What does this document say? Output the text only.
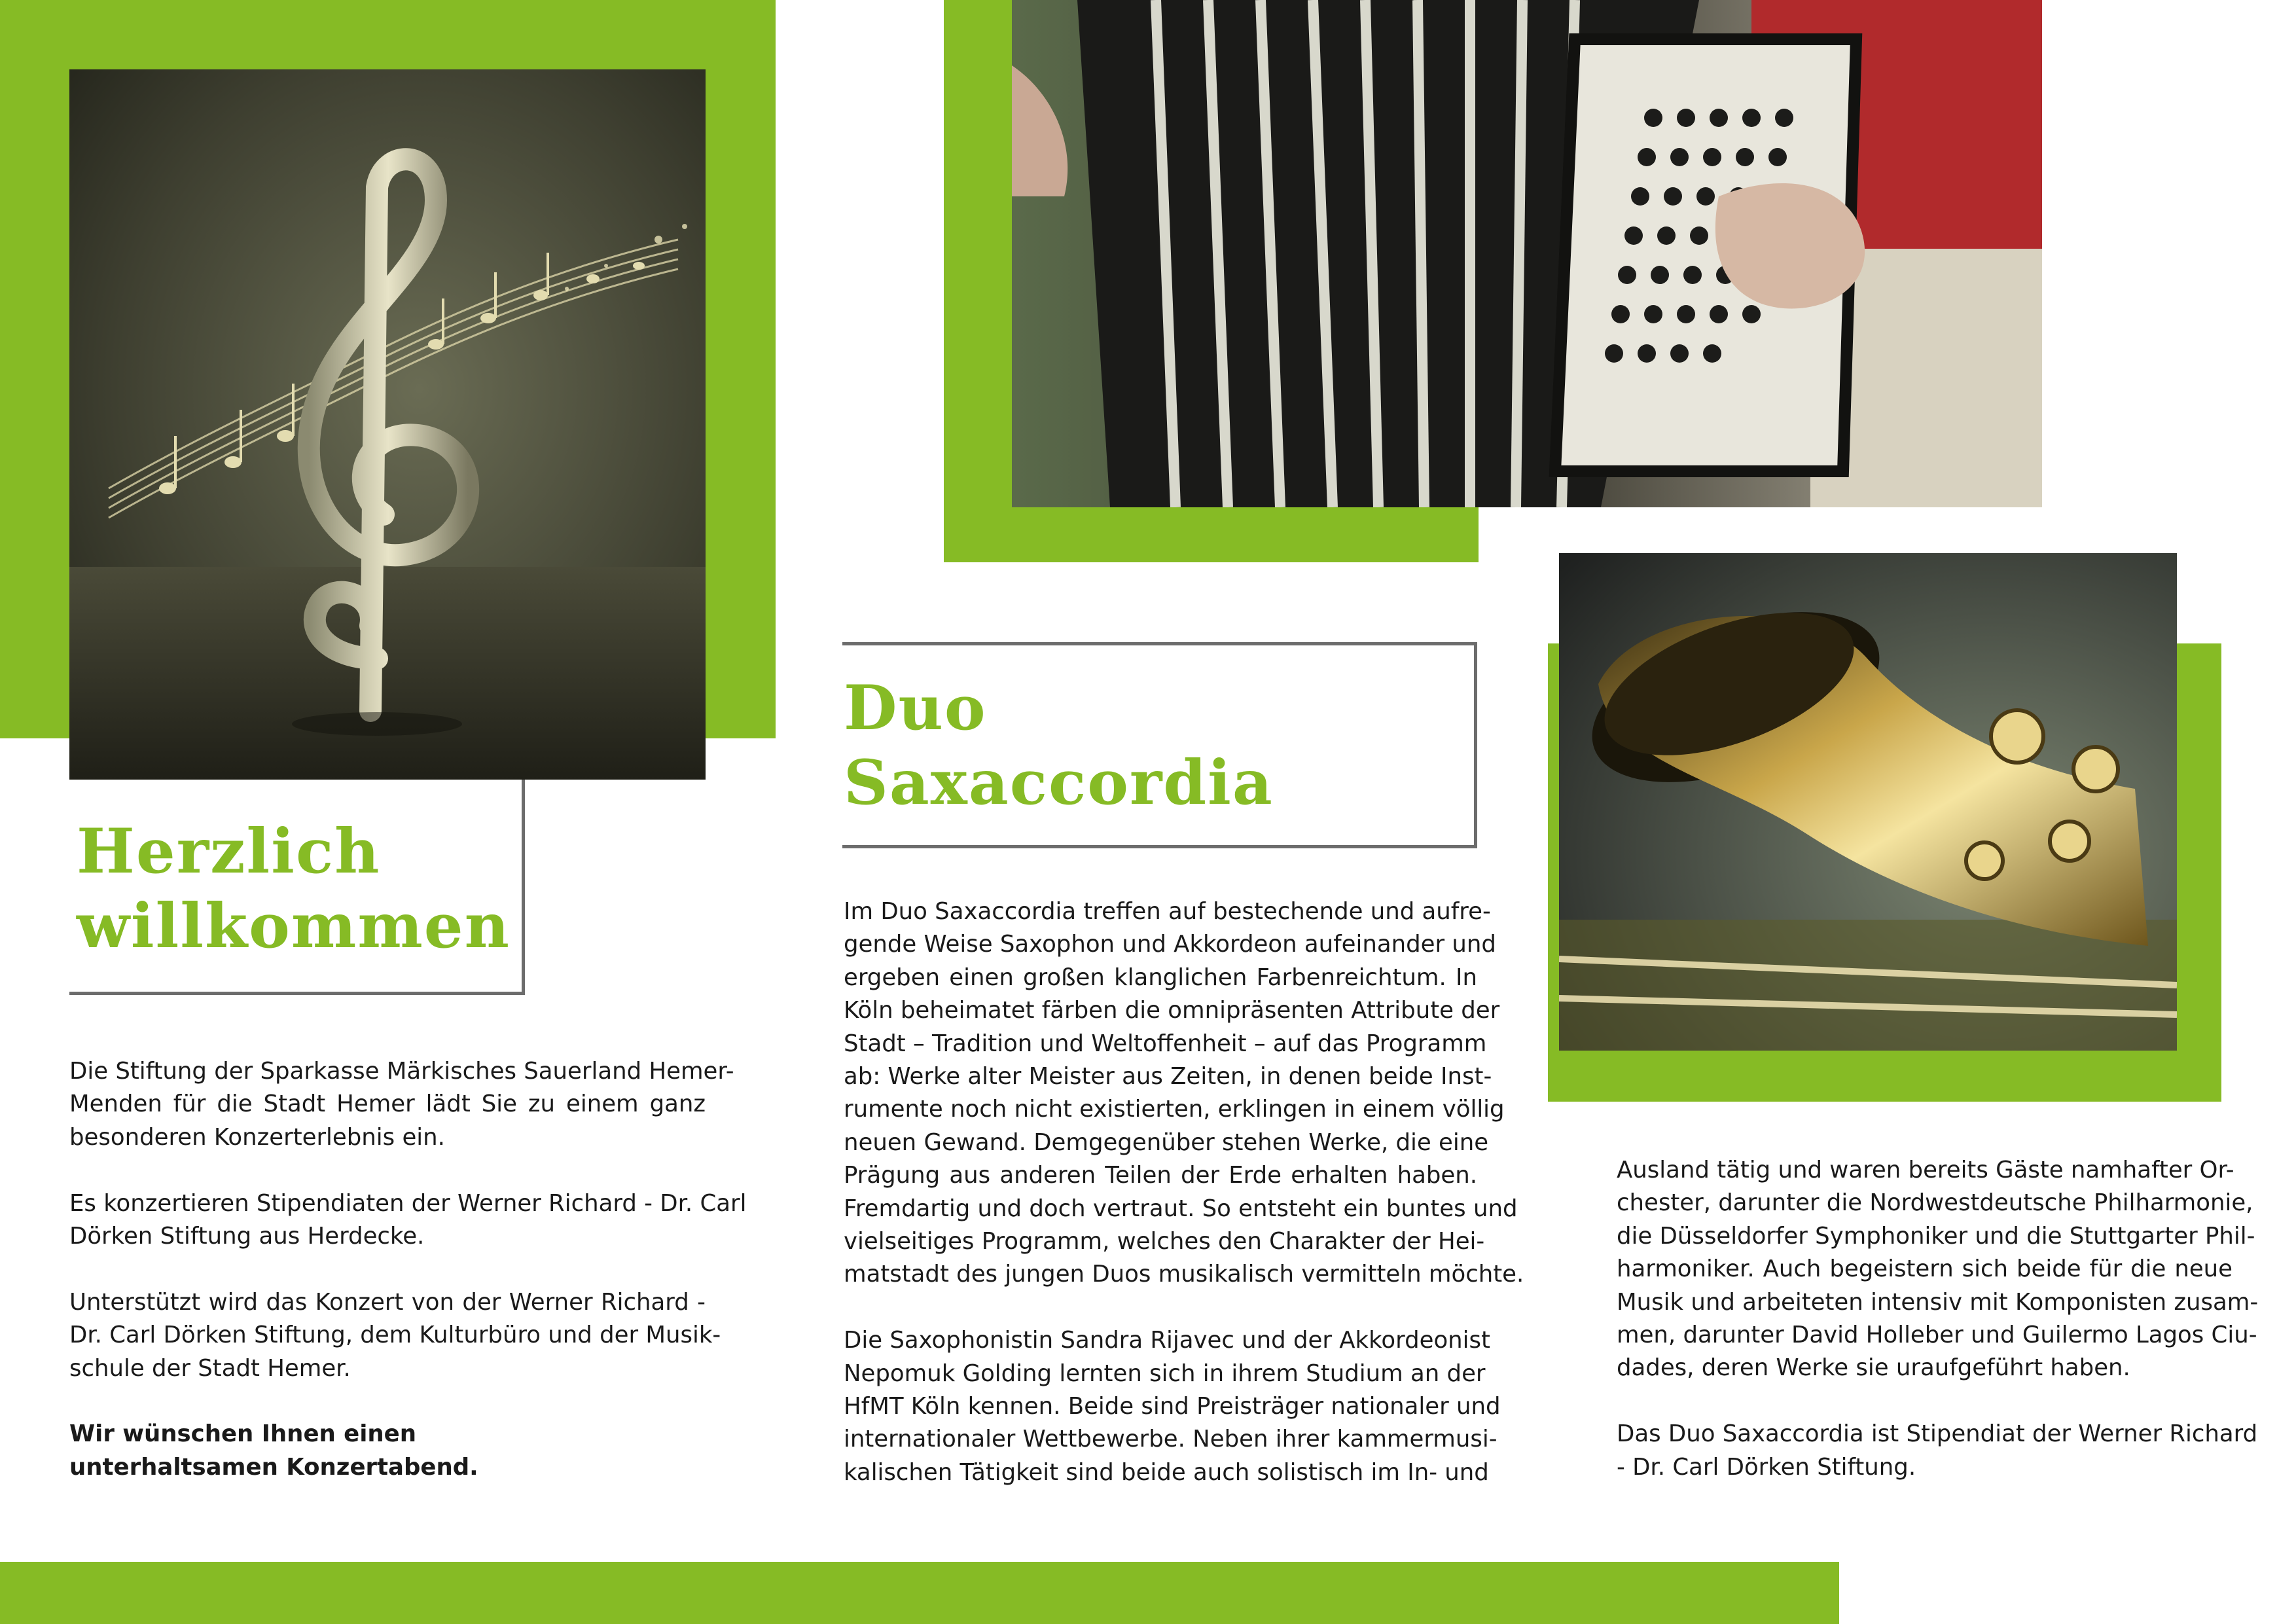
Herzlich
willkommen
Duo
Saxaccordia

Die Stiftung der Sparkasse Märkisches Sauerland Hemer-
Menden für die Stadt Hemer lädt Sie zu einem ganz
besonderen Konzerterlebnis ein.

Es konzertieren Stipendiaten der Werner Richard - Dr. Carl
Dörken Stiftung aus Herdecke.

Unterstützt wird das Konzert von der Werner Richard -
Dr. Carl Dörken Stiftung, dem Kulturbüro und der Musik-
schule der Stadt Hemer.

Wir wünschen Ihnen einen
unterhaltsamen Konzertabend.

Im Duo Saxaccordia treffen auf bestechende und aufre-
gende Weise Saxophon und Akkordeon aufeinander und
ergeben einen großen klanglichen Farbenreichtum. In
Köln beheimatet färben die omnipräsenten Attribute der
Stadt – Tradition und Weltoffenheit – auf das Programm
ab: Werke alter Meister aus Zeiten, in denen beide Inst-
rumente noch nicht existierten, erklingen in einem völlig
neuen Gewand. Demgegenüber stehen Werke, die eine
Prägung aus anderen Teilen der Erde erhalten haben.
Fremdartig und doch vertraut. So entsteht ein buntes und
vielseitiges Programm, welches den Charakter der Hei-
matstadt des jungen Duos musikalisch vermitteln möchte.

Die Saxophonistin Sandra Rijavec und der Akkordeonist
Nepomuk Golding lernten sich in ihrem Studium an der
HfMT Köln kennen. Beide sind Preisträger nationaler und
internationaler Wettbewerbe. Neben ihrer kammermusi-
kalischen Tätigkeit sind beide auch solistisch im In- und

Ausland tätig und waren bereits Gäste namhafter Or-
chester, darunter die Nordwestdeutsche Philharmonie,
die Düsseldorfer Symphoniker und die Stuttgarter Phil-
harmoniker. Auch begeistern sich beide für die neue
Musik und arbeiteten intensiv mit Komponisten zusam-
men, darunter David Holleber und Guilermo Lagos Ciu-
dades, deren Werke sie uraufgeführt haben.

Das Duo Saxaccordia ist Stipendiat der Werner Richard
- Dr. Carl Dörken Stiftung.
